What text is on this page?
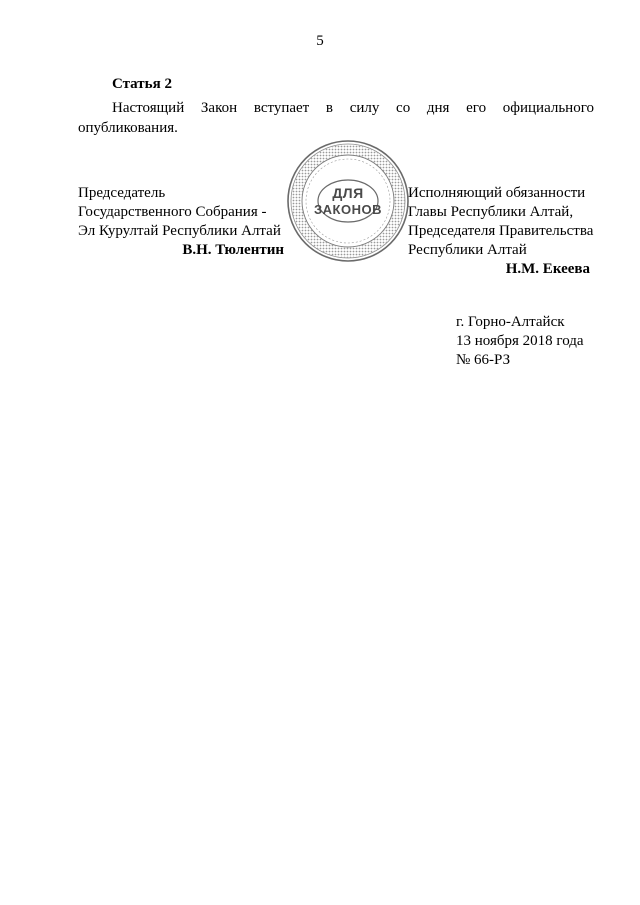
5
Статья 2
Настоящий Закон вступает в силу со дня его официального
опубликования.
Председатель
Государственного Собрания -
Эл Курултай Республики Алтай
В.Н. Тюлентин
ДЛЯ
ЗАКОНОВ
Исполняющий обязанности
Главы Республики Алтай,
Председателя Правительства
Республики Алтай
Н.М. Екеева
г. Горно-Алтайск
13 ноября 2018 года
№ 66-РЗ
